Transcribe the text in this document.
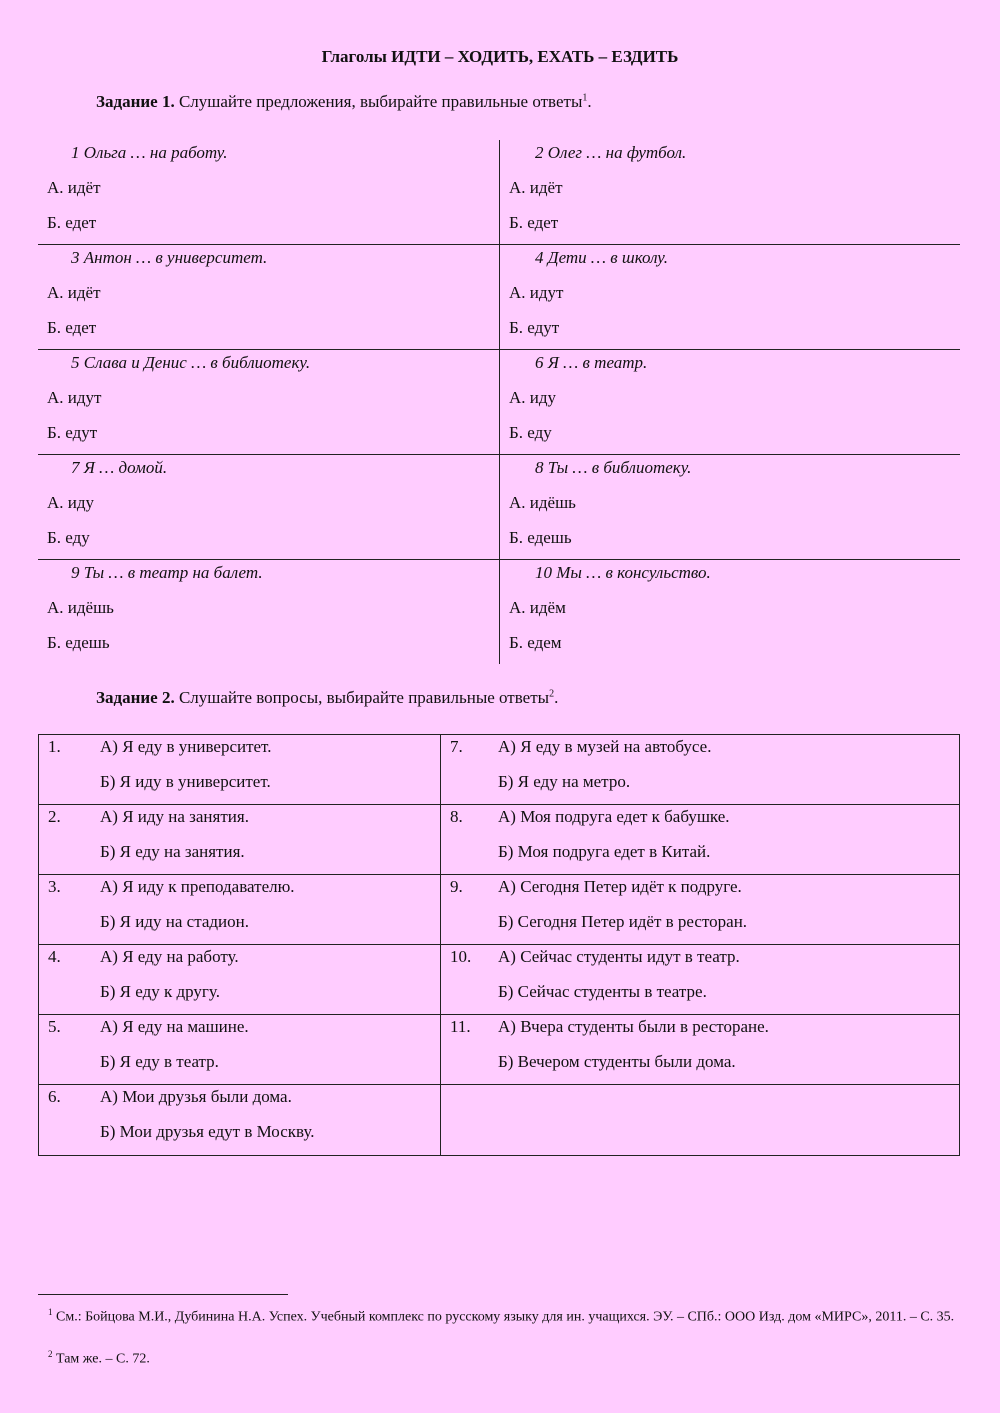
Глаголы ИДТИ – ХОДИТЬ, ЕХАТЬ – ЕЗДИТЬ
Задание 1. Слушайте предложения, выбирайте правильные ответы$^1$.
1 Ольга … на работу.
А. идёт
Б. едет
2 Олег … на футбол.
А. идёт
Б. едет
3 Антон … в университет.
А. идёт
Б. едет
4 Дети … в школу.
А. идут
Б. едут
5 Слава и Денис … в библиотеку.
А. идут
Б. едут
6 Я … в театр.
А. иду
Б. еду
7 Я … домой.
А. иду
Б. еду
8 Ты … в библиотеку.
А. идёшь
Б. едешь
9 Ты … в театр на балет.
А. идёшь
Б. едешь
10 Мы … в консульство.
А. идём
Б. едем
Задание 2. Слушайте вопросы, выбирайте правильные ответы$^2$.
1. А) Я еду в университет.
Б) Я иду в университет.
2. А) Я иду на занятия.
Б) Я еду на занятия.
3. А) Я иду к преподавателю.
Б) Я иду на стадион.
4. А) Я еду на работу.
Б) Я еду к другу.
5. А) Я еду на машине.
Б) Я еду в театр.
6. А) Мои друзья были дома.
Б) Мои друзья едут в Москву.
7. А) Я еду в музей на автобусе.
Б) Я еду на метро.
8. А) Моя подруга едет к бабушке.
Б) Моя подруга едет в Китай.
9. А) Сегодня Петер идёт к подруге.
Б) Сегодня Петер идёт в ресторан.
10. А) Сейчас студенты идут в театр.
Б) Сейчас студенты в театре.
11. А) Вчера студенты были в ресторане.
Б) Вечером студенты были дома.
$^1$ См.: Бойцова М.И., Дубинина Н.А. Успех. Учебный комплекс по русскому языку для ин. учащихся. ЭУ. – СПб.: ООО Изд. дом «МИРС», 2011. – С. 35.
$^2$ Там же. – С. 72.
